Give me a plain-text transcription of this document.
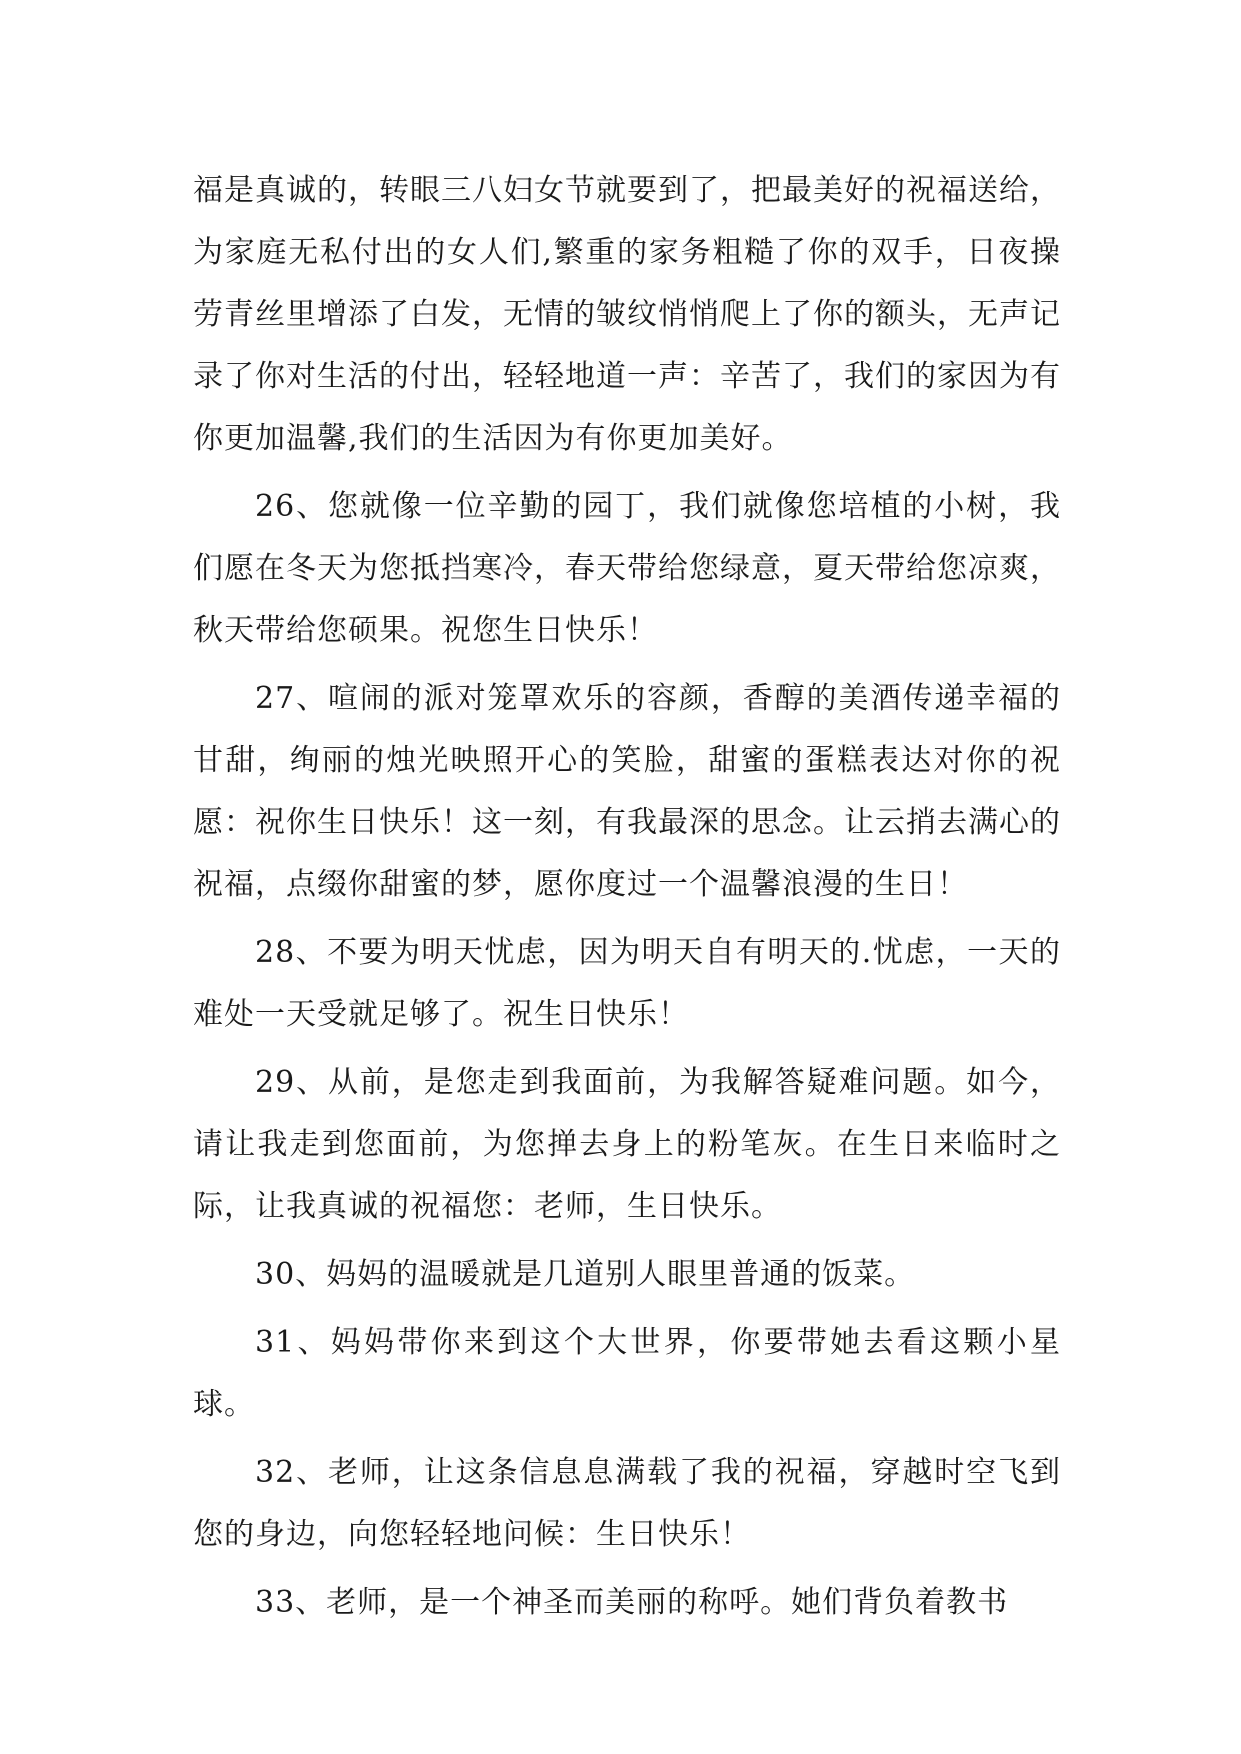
福是真诚的，转眼三八妇女节就要到了，把最美好的祝福送给，为家庭无私付出的女人们,繁重的家务粗糙了你的双手，日夜操劳青丝里增添了白发，无情的皱纹悄悄爬上了你的额头，无声记录了你对生活的付出，轻轻地道一声：辛苦了，我们的家因为有你更加温馨,我们的生活因为有你更加美好。

26、您就像一位辛勤的园丁，我们就像您培植的小树，我们愿在冬天为您抵挡寒冷，春天带给您绿意，夏天带给您凉爽，秋天带给您硕果。祝您生日快乐！

27、喧闹的派对笼罩欢乐的容颜，香醇的美酒传递幸福的甘甜，绚丽的烛光映照开心的笑脸，甜蜜的蛋糕表达对你的祝愿：祝你生日快乐！这一刻，有我最深的思念。让云捎去满心的祝福，点缀你甜蜜的梦，愿你度过一个温馨浪漫的生日！

28、不要为明天忧虑，因为明天自有明天的.忧虑，一天的难处一天受就足够了。祝生日快乐！

29、从前，是您走到我面前，为我解答疑难问题。如今，请让我走到您面前，为您掸去身上的粉笔灰。在生日来临时之际，让我真诚的祝福您：老师，生日快乐。

30、妈妈的温暖就是几道别人眼里普通的饭菜。

31、妈妈带你来到这个大世界，你要带她去看这颗小星球。

32、老师，让这条信息息满载了我的祝福，穿越时空飞到您的身边，向您轻轻地问候：生日快乐！

33、老师，是一个神圣而美丽的称呼。她们背负着教书
